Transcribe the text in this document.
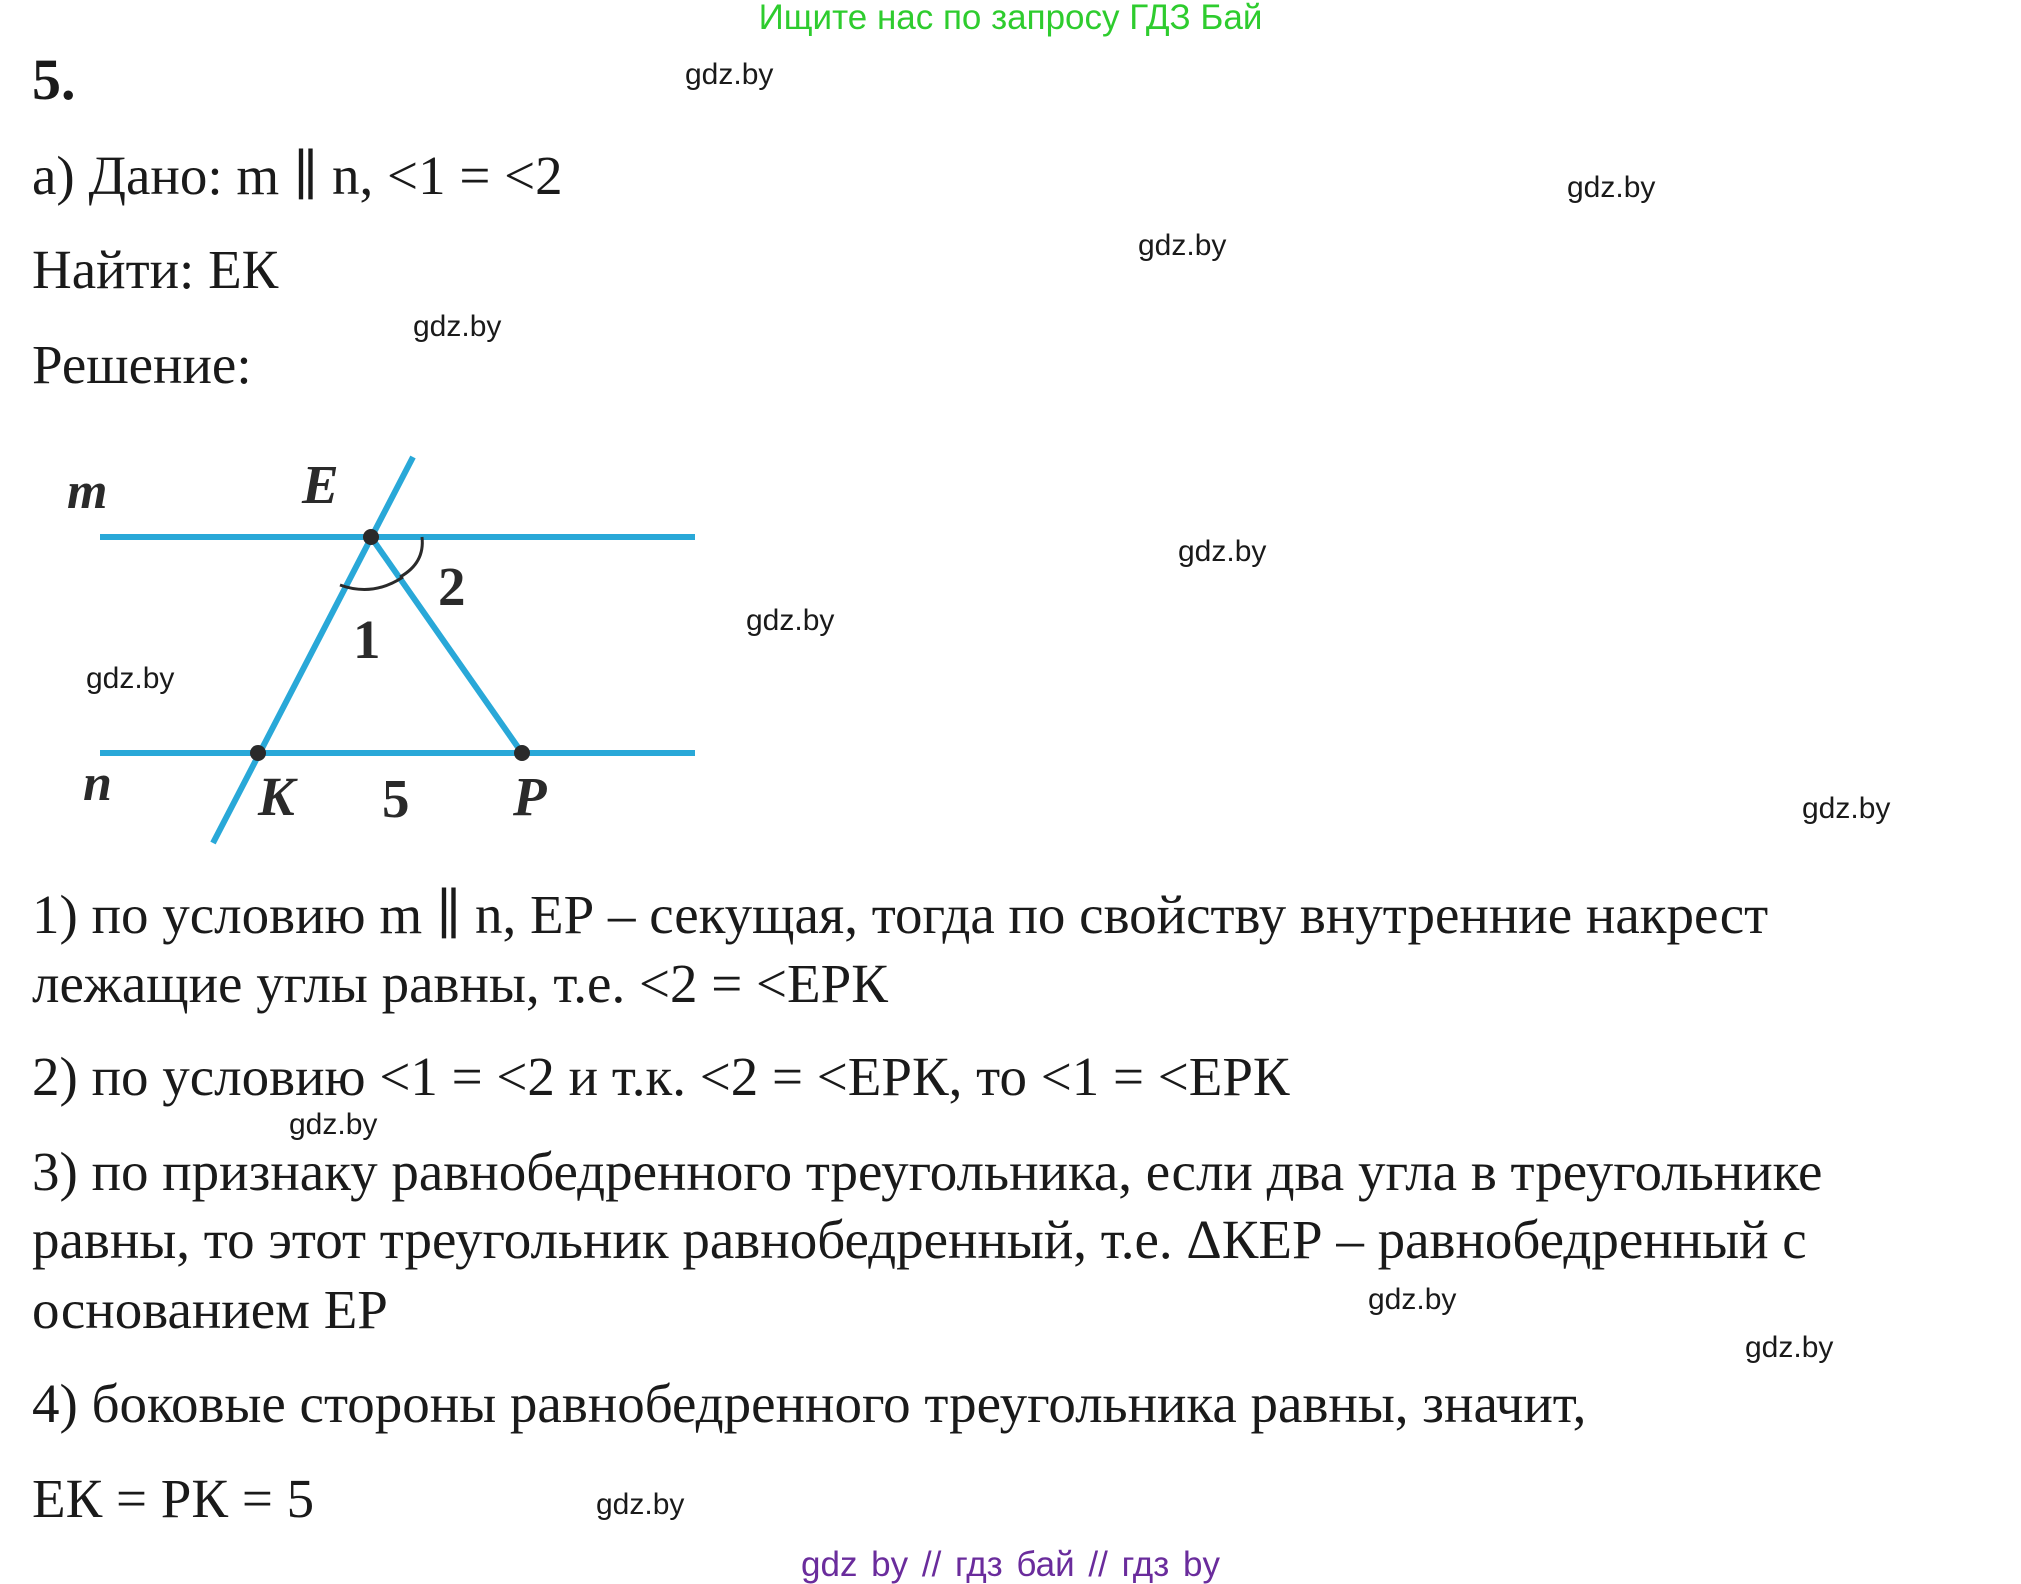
Ищите нас по запросу ГДЗ Бай
5.
а) Дано: m ∥ n, <1 = <2
Найти: ЕК
Решение:
m	E
2
1
n	K 5 P
1) по условию m ∥ n, ЕР – секущая, тогда по свойству внутренние накрест
лежащие углы равны, т.е. <2 = <ЕРК
2) по условию <1 = <2 и т.к. <2 = <ЕРК, то <1 = <ЕРК
3) по признаку равнобедренного треугольника, если два угла в треугольнике
равны, то этот треугольник равнобедренный, т.е. ΔКЕР – равнобедренный с
основанием ЕР
4) боковые стороны равнобедренного треугольника равны, значит,
ЕК = РК = 5
gdz.by
gdz.by
gdz.by
gdz.by
gdz.by
gdz.by
gdz.by
gdz.by
gdz.by
gdz.by
gdz.by
gdz.by
gdz by // гдз бай // гдз by
